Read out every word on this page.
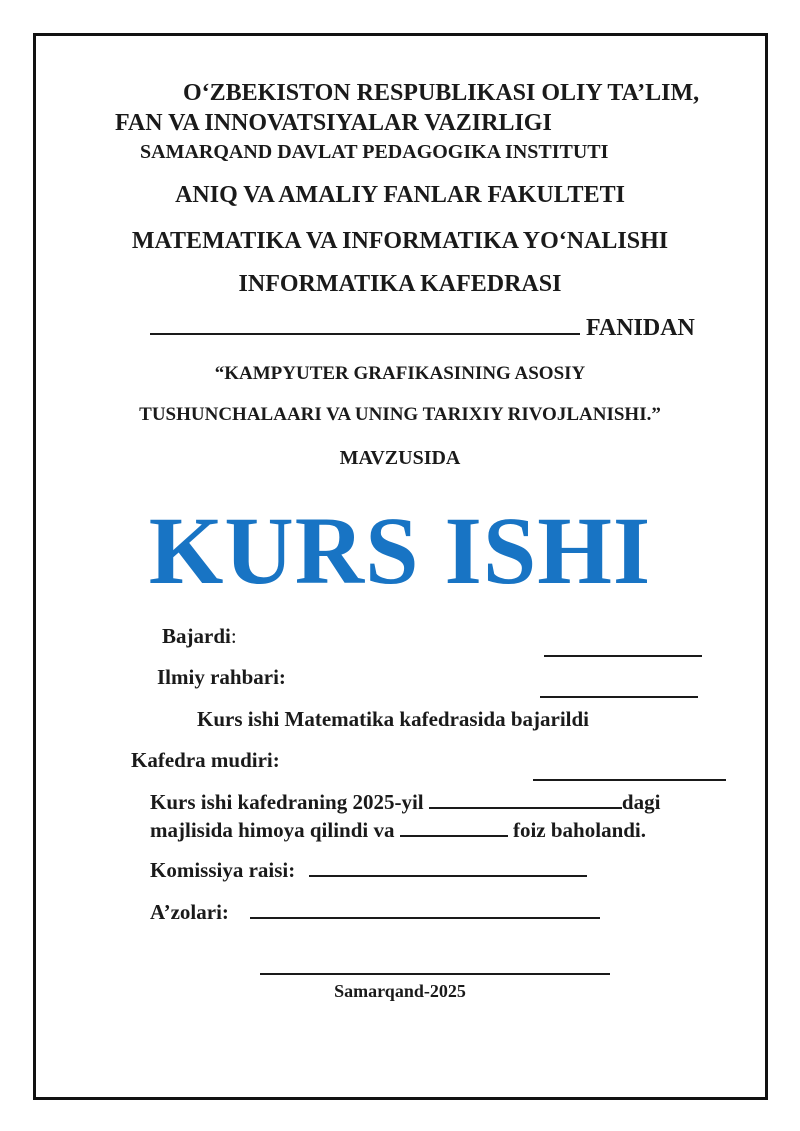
O‘ZBEKISTON RESPUBLIKASI OLIY TA’LIM,
FAN VA INNOVATSIYALAR VAZIRLIGI
SAMARQAND DAVLAT PEDAGOGIKA INSTITUTI
ANIQ VA AMALIY FANLAR FAKULTETI
MATEMATIKA VA INFORMATIKA YO‘NALISHI
INFORMATIKA KAFEDRASI
FANIDAN
“KAMPYUTER GRAFIKASINING ASOSIY
TUSHUNCHALAARI VA UNING TARIXIY RIVOJLANISHI.”
MAVZUSIDA
KURS ISHI
Bajardi:
Ilmiy rahbari:
Kurs ishi Matematika kafedrasida bajarildi
Kafedra mudiri:
Kurs ishi kafedraning 2025-yil	dagi
majlisida himoya qilindi va	foiz baholandi.
Komissiya raisi:
A’zolari:
Samarqand-2025
